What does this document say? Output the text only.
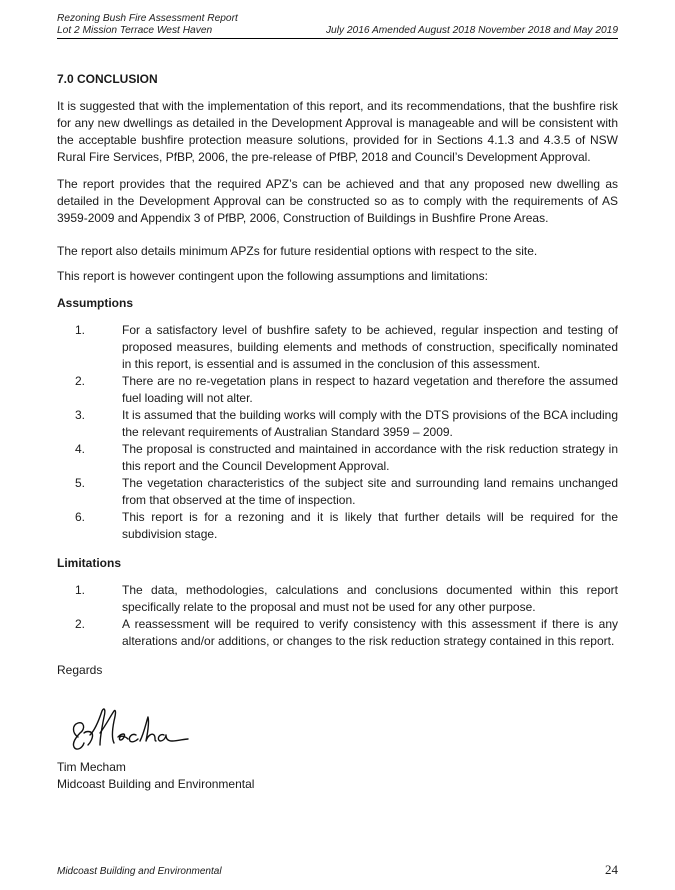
Rezoning Bush Fire Assessment Report
Lot 2 Mission Terrace West Haven	July 2016 Amended August 2018 November 2018 and May 2019
7.0 CONCLUSION

It is suggested that with the implementation of this report, and its recommendations, that the bushfire risk for any new dwellings as detailed in the Development Approval is manageable and will be consistent with the acceptable bushfire protection measure solutions, provided for in Sections 4.1.3 and 4.3.5 of NSW Rural Fire Services, PfBP, 2006, the pre-release of PfBP, 2018 and Council’s Development Approval.

The report provides that the required APZ’s can be achieved and that any proposed new dwelling as detailed in the Development Approval can be constructed so as to comply with the requirements of AS 3959-2009 and Appendix 3 of PfBP, 2006, Construction of Buildings in Bushfire Prone Areas.

The report also details minimum APZs for future residential options with respect to the site.

This report is however contingent upon the following assumptions and limitations:

Assumptions
1.	For a satisfactory level of bushfire safety to be achieved, regular inspection and testing of proposed measures, building elements and methods of construction, specifically nominated in this report, is essential and is assumed in the conclusion of this assessment.
2.	There are no re-vegetation plans in respect to hazard vegetation and therefore the assumed fuel loading will not alter.
3.	It is assumed that the building works will comply with the DTS provisions of the BCA including the relevant requirements of Australian Standard 3959 – 2009.
4.	The proposal is constructed and maintained in accordance with the risk reduction strategy in this report and the Council Development Approval.
5.	The vegetation characteristics of the subject site and surrounding land remains unchanged from that observed at the time of inspection.
6.	This report is for a rezoning and it is likely that further details will be required for the subdivision stage.
Limitations
1.	The data, methodologies, calculations and conclusions documented within this report specifically relate to the proposal and must not be used for any other purpose.
2.	A reassessment will be required to verify consistency with this assessment if there is any alterations and/or additions, or changes to the risk reduction strategy contained in this report.

Regards

Tim Mecham
Midcoast Building and Environmental
Midcoast Building and Environmental	24
